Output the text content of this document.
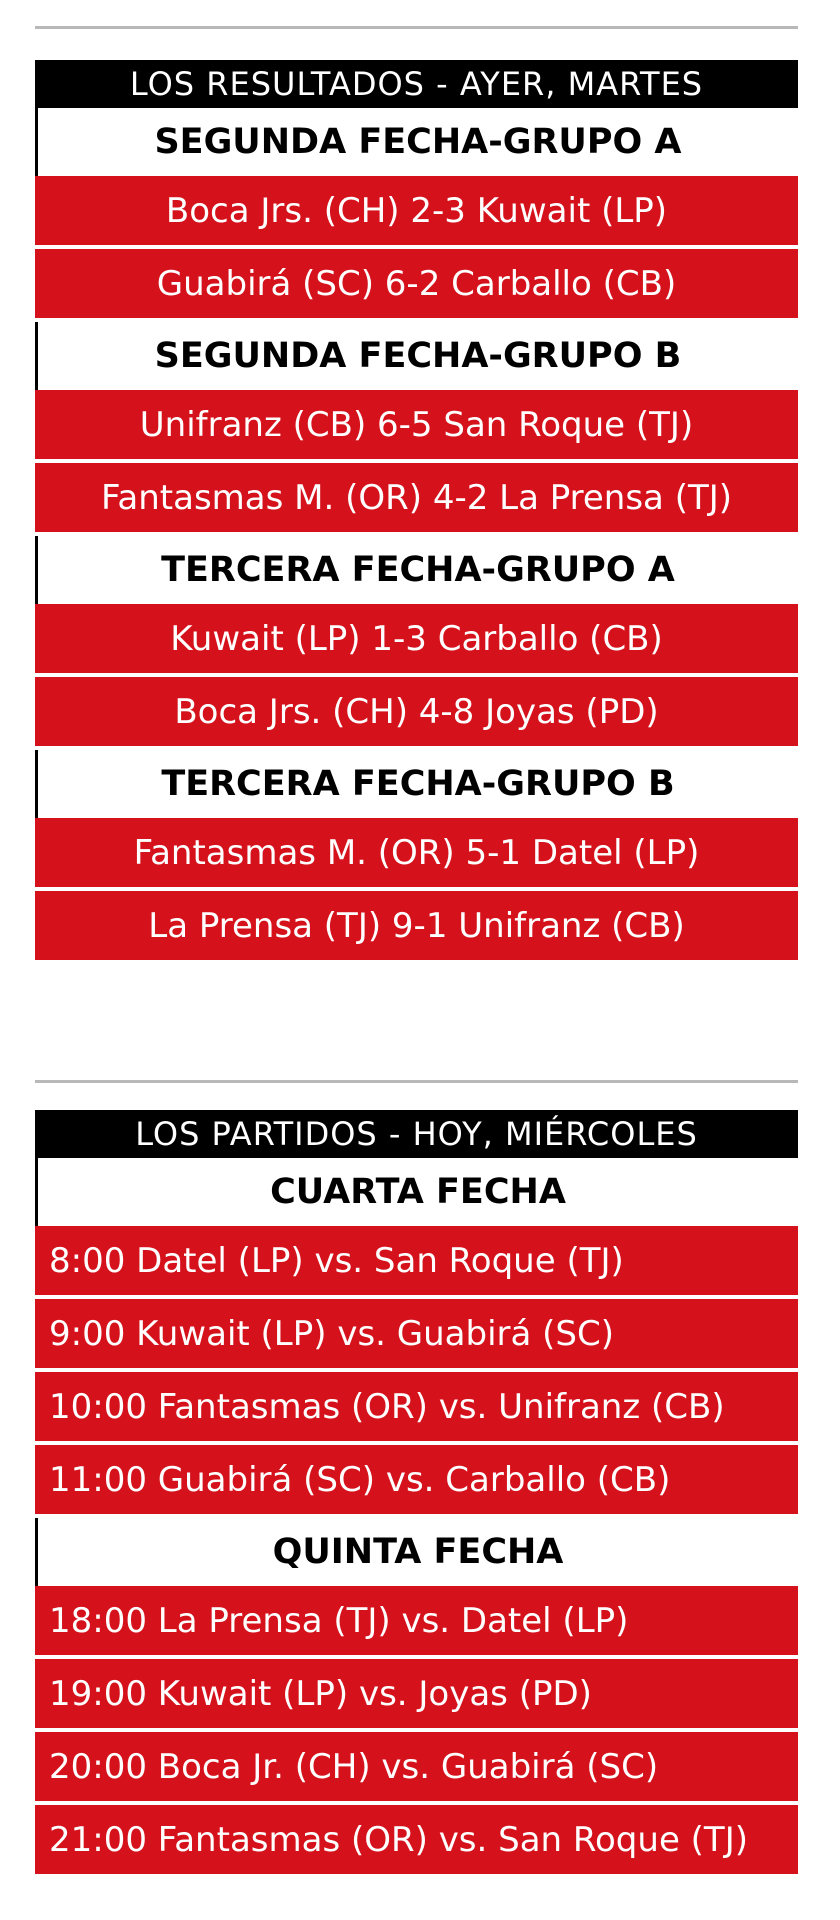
LOS RESULTADOS - AYER, MARTES
SEGUNDA FECHA-GRUPO A
Boca Jrs. (CH) 2-3 Kuwait (LP)
Guabirá (SC) 6-2 Carballo (CB)
SEGUNDA FECHA-GRUPO B
Unifranz (CB) 6-5 San Roque (TJ)
Fantasmas M. (OR) 4-2 La Prensa (TJ)
TERCERA FECHA-GRUPO A
Kuwait (LP) 1-3 Carballo (CB)
Boca Jrs. (CH) 4-8 Joyas (PD)
TERCERA FECHA-GRUPO B
Fantasmas M. (OR) 5-1 Datel (LP)
La Prensa (TJ) 9-1 Unifranz (CB)
LOS PARTIDOS - HOY, MIÉRCOLES
CUARTA FECHA
8:00 Datel (LP) vs. San Roque (TJ)
9:00 Kuwait (LP) vs. Guabirá (SC)
10:00 Fantasmas (OR) vs. Unifranz (CB)
11:00 Guabirá (SC) vs. Carballo (CB)
QUINTA FECHA
18:00 La Prensa (TJ) vs. Datel (LP)
19:00 Kuwait (LP) vs. Joyas (PD)
20:00 Boca Jr. (CH) vs. Guabirá (SC)
21:00 Fantasmas (OR) vs. San Roque (TJ)
